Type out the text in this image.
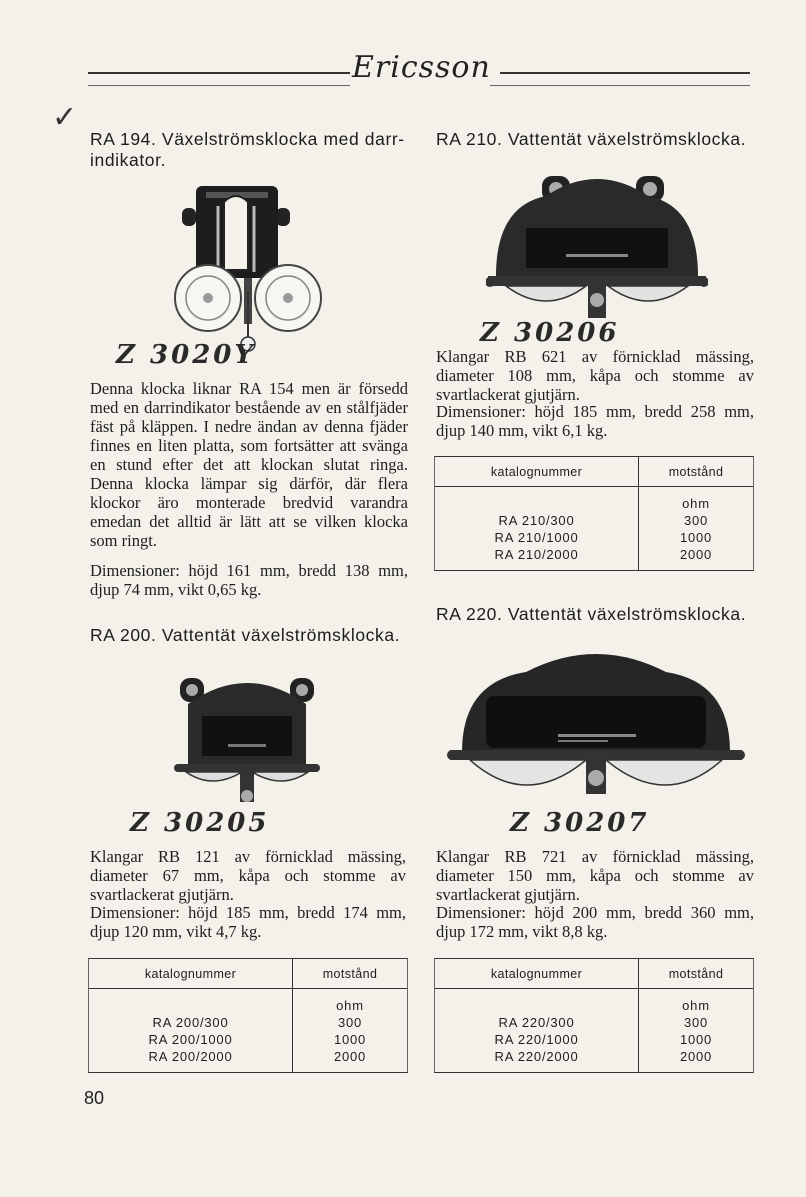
Ericsson
✓
RA 194. Växelströmsklocka med darr-
indikator.
Z 3020Y
Denna klocka liknar RA 154 men är försedd med en darrindikator bestående av en stålfjäder fäst på kläppen. I nedre ändan av denna fjäder finnes en liten platta, som fortsätter att svänga en stund efter det att klockan slutat ringa. Denna klocka lämpar sig därför, där flera klockor äro monterade bredvid varandra emedan det alltid är lätt att se vilken klocka som ringt.
Dimensioner: höjd 161 mm, bredd 138 mm, djup 74 mm, vikt 0,65 kg.
RA 200. Vattentät växelströmsklocka.
Z 30205
Klangar RB 121 av förnicklad mässing, diameter 67 mm, kåpa och stomme av svartlackerat gjutjärn.
Dimensioner: höjd 185 mm, bredd 174 mm, djup 120 mm, vikt 4,7 kg.
katalognummer	motstånd
	ohm
RA 200/300	300
RA 200/1000	1000
RA 200/2000	2000
RA 210. Vattentät växelströmsklocka.
Z 30206
Klangar RB 621 av förnicklad mässing, diameter 108 mm, kåpa och stomme av svartlackerat gjutjärn.
Dimensioner: höjd 185 mm, bredd 258 mm, djup 140 mm, vikt 6,1 kg.
katalognummer	motstånd
	ohm
RA 210/300	300
RA 210/1000	1000
RA 210/2000	2000
RA 220. Vattentät växelströmsklocka.
Z 30207
Klangar RB 721 av förnicklad mässing, diameter 150 mm, kåpa och stomme av svartlackerat gjutjärn.
Dimensioner: höjd 200 mm, bredd 360 mm, djup 172 mm, vikt 8,8 kg.
katalognummer	motstånd
	ohm
RA 220/300	300
RA 220/1000	1000
RA 220/2000	2000
80
